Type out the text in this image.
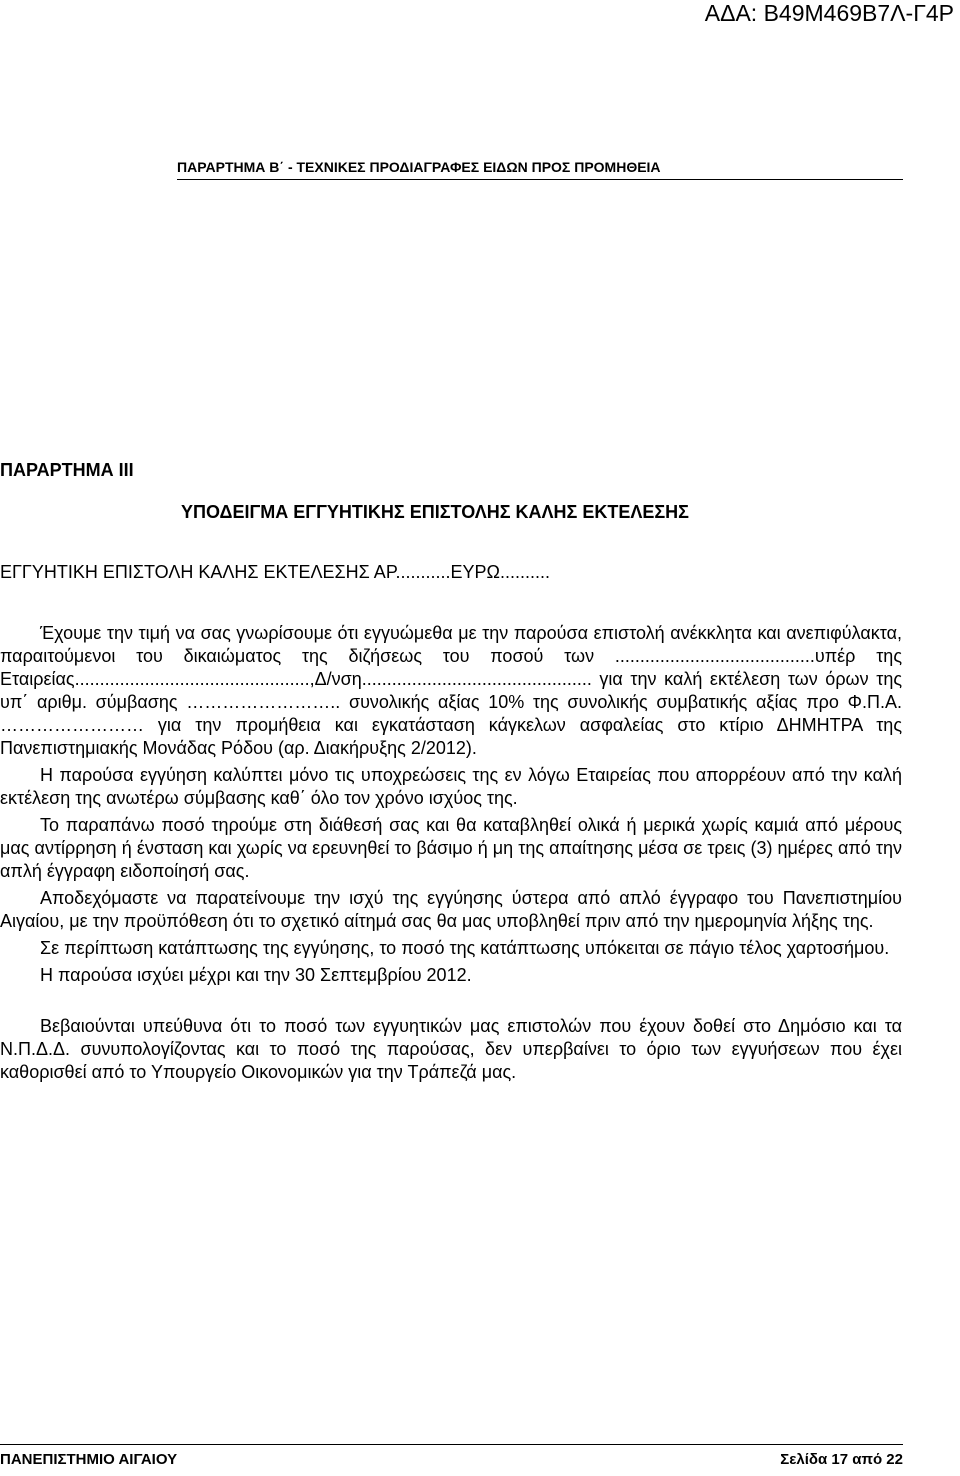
ΑΔΑ: Β49Μ469Β7Λ-Γ4Ρ
ΠΑΡΑΡΤΗΜΑ Β΄ - ΤΕΧΝΙΚΕΣ ΠΡΟΔΙΑΓΡΑΦΕΣ ΕΙΔΩΝ ΠΡΟΣ ΠΡΟΜΗΘΕΙΑ
ΠΑΡΑΡΤΗΜΑ ΙΙΙ
ΥΠΟΔΕΙΓΜΑ ΕΓΓΥΗΤΙΚΗΣ ΕΠΙΣΤΟΛΗΣ ΚΑΛΗΣ ΕΚΤΕΛΕΣΗΣ
ΕΓΓΥΗΤΙΚΗ ΕΠΙΣΤΟΛΗ ΚΑΛΗΣ ΕΚΤΕΛΕΣΗΣ ΑΡ...........ΕΥΡΩ..........

Έχουμε την τιμή να σας γνωρίσουμε ότι εγγυώμεθα με την παρούσα επιστολή ανέκκλητα και ανεπιφύλακτα, παραιτούμενοι του δικαιώματος της διζήσεως του ποσού των ........................................υπέρ της Εταιρείας...............................................,Δ/νση.............................................. για την καλή εκτέλεση των όρων της υπ΄ αριθμ. σύμβασης …………………….. συνολικής αξίας 10% της συνολικής συμβατικής αξίας προ Φ.Π.Α. …………………… για την προμήθεια και εγκατάσταση κάγκελων ασφαλείας στο κτίριο ΔΗΜΗΤΡΑ της Πανεπιστημιακής Μονάδας Ρόδου (αρ. Διακήρυξης 2/2012).

Η παρούσα εγγύηση καλύπτει μόνο τις υποχρεώσεις της εν λόγω Εταιρείας που απορρέουν από την καλή εκτέλεση της ανωτέρω σύμβασης καθ΄ όλο τον χρόνο ισχύος της.

Το παραπάνω ποσό τηρούμε στη διάθεσή σας και θα καταβληθεί ολικά ή μερικά χωρίς καμιά από μέρους μας αντίρρηση ή ένσταση και χωρίς να ερευνηθεί το βάσιμο ή μη της απαίτησης μέσα σε τρεις (3) ημέρες από την απλή έγγραφη ειδοποίησή σας.

Αποδεχόμαστε να παρατείνουμε την ισχύ της εγγύησης ύστερα από απλό έγγραφο του Πανεπιστημίου Αιγαίου, με την προϋπόθεση ότι το σχετικό αίτημά σας θα μας υποβληθεί πριν από την ημερομηνία λήξης της.

Σε περίπτωση κατάπτωσης της εγγύησης, το ποσό της κατάπτωσης υπόκειται σε πάγιο τέλος χαρτοσήμου.

Η παρούσα ισχύει μέχρι και την 30 Σεπτεμβρίου 2012.

Βεβαιούνται υπεύθυνα ότι το ποσό των εγγυητικών μας επιστολών που έχουν δοθεί στο Δημόσιο και τα Ν.Π.Δ.Δ. συνυπολογίζοντας και το ποσό της παρούσας, δεν υπερβαίνει το όριο των εγγυήσεων που έχει καθορισθεί από το Υπουργείο Οικονομικών για την Τράπεζά μας.

ΠΑΝΕΠΙΣΤΗΜΙΟ ΑΙΓΑΙΟΥ	Σελίδα 17 από 22
